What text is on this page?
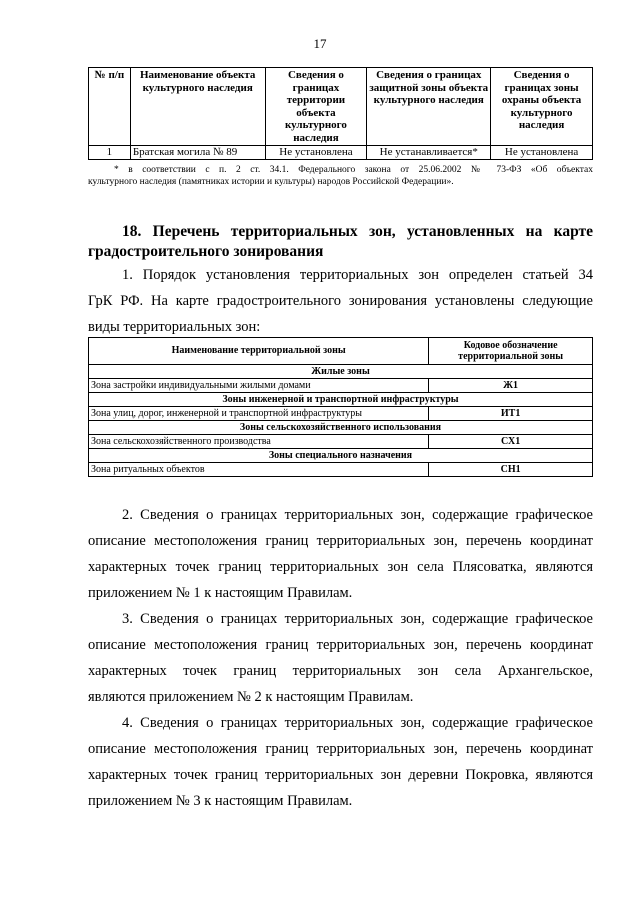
17
№ п/п	Наименование объекта культурного наследия	Сведения о границах территории объекта культурного наследия	Сведения о границах защитной зоны объекта культурного наследия	Сведения о границах зоны охраны объекта культурного наследия
1	Братская могила № 89	Не установлена	Не устанавливается*	Не установлена
* в соответствии с п. 2 ст. 34.1. Федерального закона от 25.06.2002 № 73-ФЗ «Об объектах
культурного наследия (памятниках истории и культуры) народов Российской Федерации».
18. Перечень территориальных зон, установленных на карте
градостроительного зонирования
1. Порядок установления территориальных зон определен статьей 34
ГрК РФ. На карте градостроительного зонирования установлены следующие
виды территориальных зон:
Наименование территориальной зоны	Кодовое обозначение территориальной зоны
Жилые зоны	
Зона застройки индивидуальными жилыми домами	Ж1
Зоны инженерной и транспортной инфраструктуры	
Зона улиц, дорог, инженерной и транспортной инфраструктуры	ИТ1
Зоны сельскохозяйственного использования	
Зона сельскохозяйственного производства	СХ1
Зоны специального назначения	
Зона ритуальных объектов	СН1
2. Сведения о границах территориальных зон, содержащие графическое
описание местоположения границ территориальных зон, перечень координат
характерных точек границ территориальных зон села Плясоватка, являются
приложением № 1 к настоящим Правилам.
3. Сведения о границах территориальных зон, содержащие графическое
описание местоположения границ территориальных зон, перечень координат
характерных точек границ территориальных зон села Архангельское,
являются приложением № 2 к настоящим Правилам.
4. Сведения о границах территориальных зон, содержащие графическое
описание местоположения границ территориальных зон, перечень координат
характерных точек границ территориальных зон деревни Покровка, являются
приложением № 3 к настоящим Правилам.
